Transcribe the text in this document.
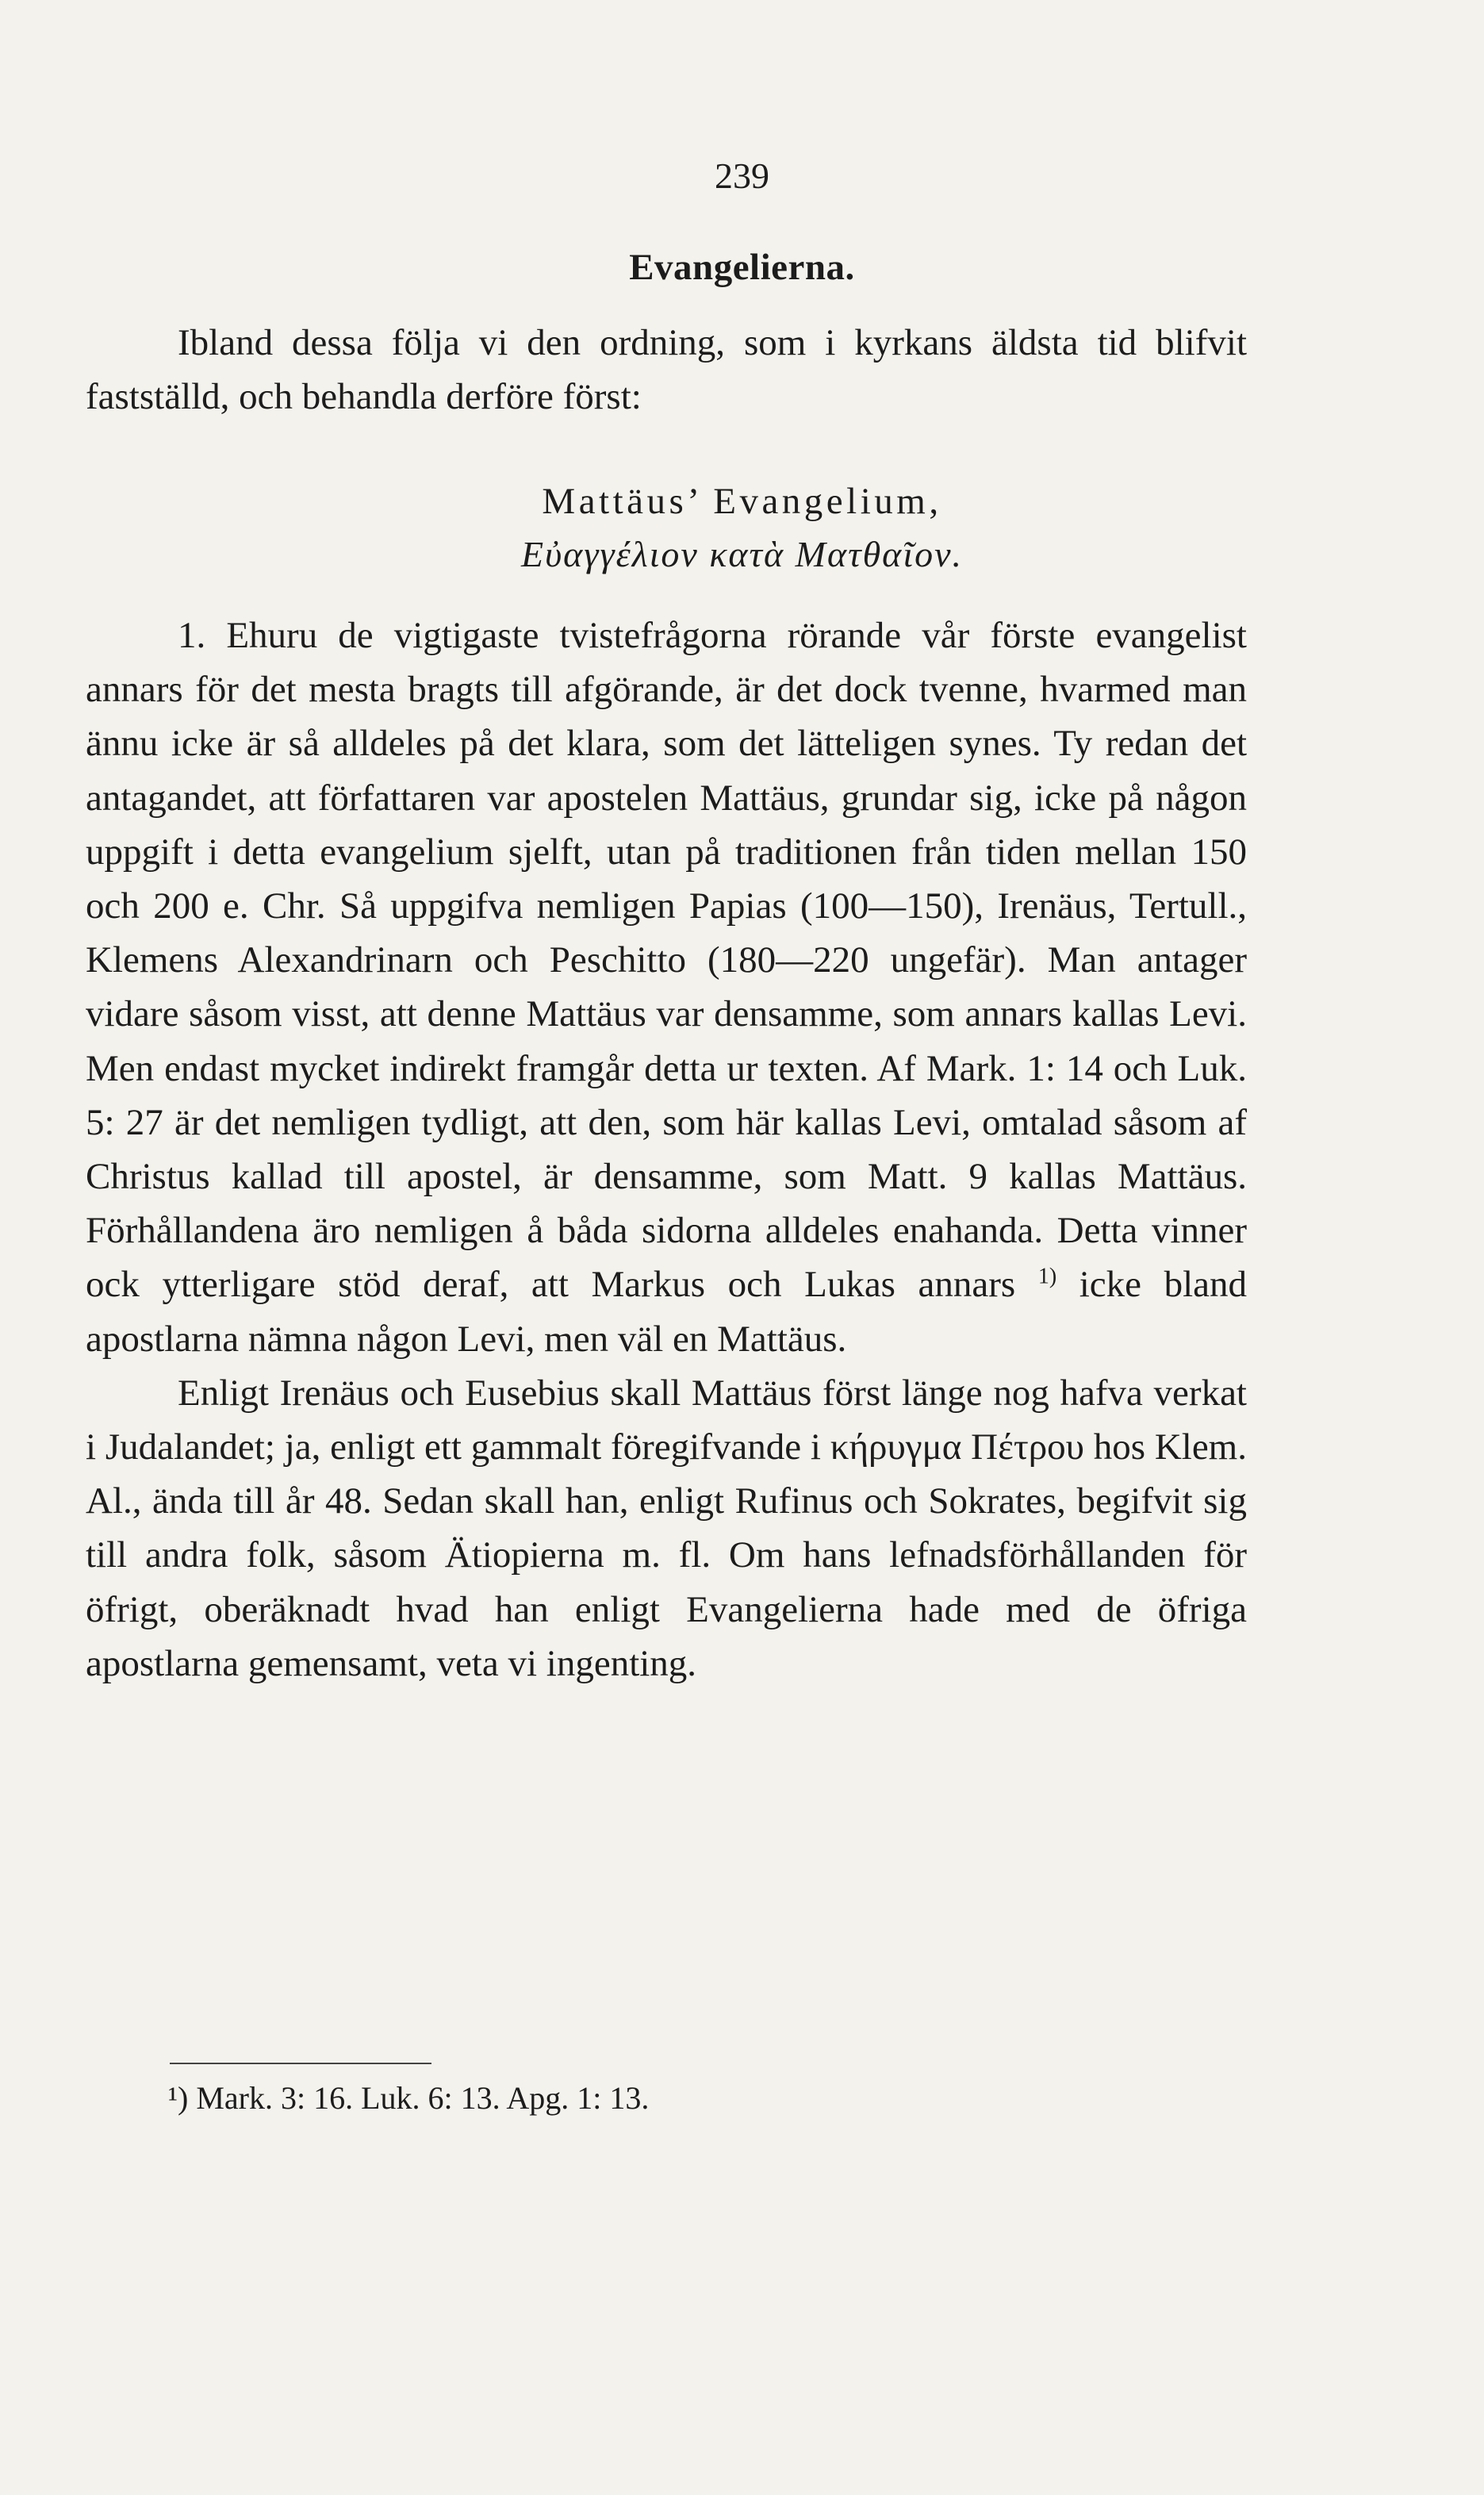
239
Evangelierna.

Ibland dessa följa vi den ordning, som i kyrkans äldsta tid blifvit fastställd, och behandla derföre först:

Mattäus’ Evangelium,
Εὐαγγέλιον κατὰ Ματθαῖον.

1. Ehuru de vigtigaste tvistefrågorna rörande vår förste evangelist annars för det mesta bragts till afgörande, är det dock tvenne, hvarmed man ännu icke är så alldeles på det klara, som det lätteligen synes. Ty redan det antagandet, att författaren var apostelen Mattäus, grundar sig, icke på någon uppgift i detta evangelium sjelft, utan på traditionen från tiden mellan 150 och 200 e. Chr. Så uppgifva nemligen Papias (100—150), Irenäus, Tertull., Klemens Alexandrinarn och Peschitto (180—220 ungefär). Man antager vidare såsom visst, att denne Mattäus var densamme, som annars kallas Levi. Men endast mycket indirekt framgår detta ur texten. Af Mark. 1: 14 och Luk. 5: 27 är det nemligen tydligt, att den, som här kallas Levi, omtalad såsom af Christus kallad till apostel, är densamme, som Matt. 9 kallas Mattäus. Förhållandena äro nemligen å båda sidorna alldeles enahanda. Detta vinner ock ytterligare stöd deraf, att Markus och Lukas annars $^{1)}$ icke bland apostlarna nämna någon Levi, men väl en Mattäus.

Enligt Irenäus och Eusebius skall Mattäus först länge nog hafva verkat i Judalandet; ja, enligt ett gammalt föregifvande i κήρυγμα Πέτρου hos Klem. Al., ända till år 48. Sedan skall han, enligt Rufinus och Sokrates, begifvit sig till andra folk, såsom Ätiopierna m. fl. Om hans lefnadsförhållanden för öfrigt, oberäknadt hvad han enligt Evangelierna hade med de öfriga apostlarna gemensamt, veta vi ingenting.

¹) Mark. 3: 16. Luk. 6: 13. Apg. 1: 13.
